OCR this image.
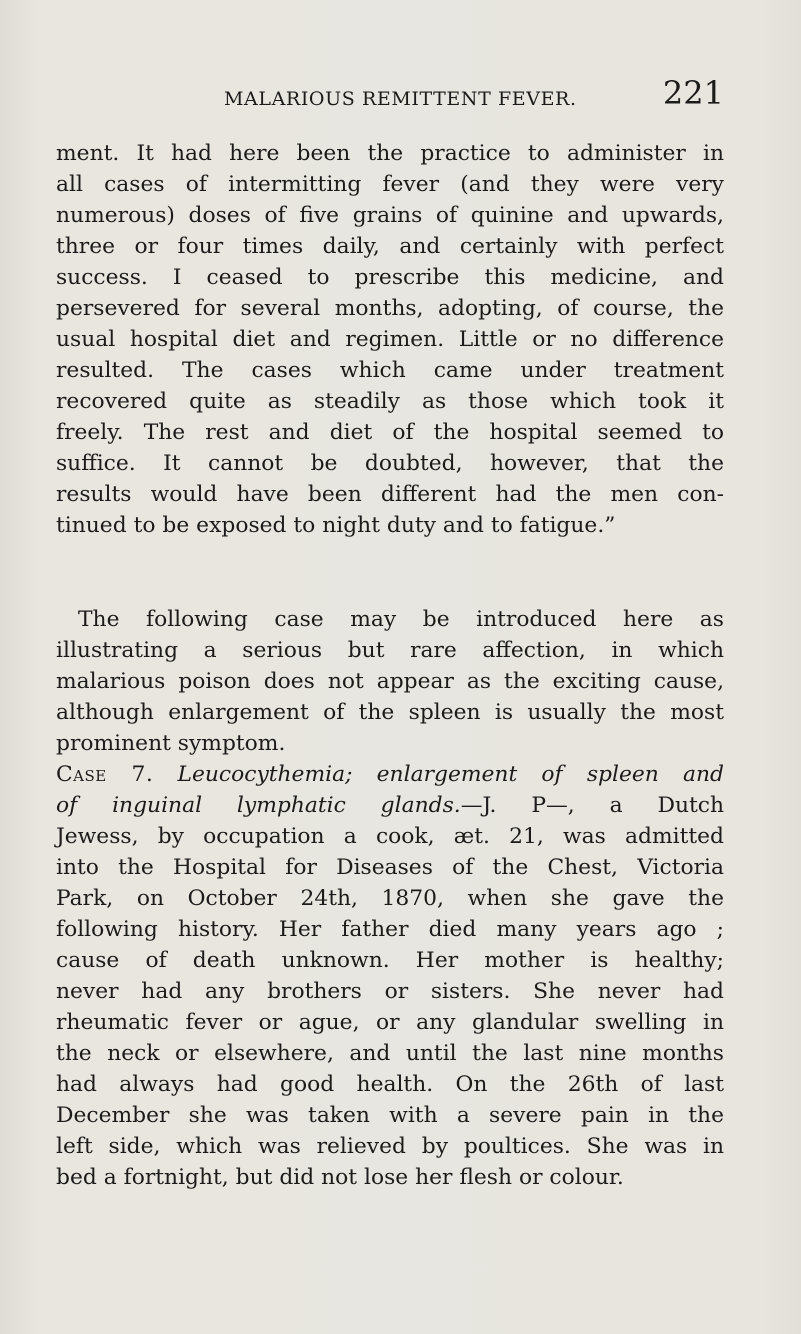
MALARIOUS REMITTENT FEVER.	221
ment. It had here been the practice to administer in
all cases of intermitting fever (and they were very
numerous) doses of five grains of quinine and upwards,
three or four times daily, and certainly with perfect
success. I ceased to prescribe this medicine, and
persevered for several months, adopting, of course, the
usual hospital diet and regimen. Little or no difference
resulted. The cases which came under treatment
recovered quite as steadily as those which took it
freely. The rest and diet of the hospital seemed to
suffice. It cannot be doubted, however, that the
results would have been different had the men con-
tinued to be exposed to night duty and to fatigue.”
The following case may be introduced here as
illustrating a serious but rare affection, in which
malarious poison does not appear as the exciting cause,
although enlargement of the spleen is usually the most
prominent symptom.
Case 7. Leucocythemia; enlargement of spleen and
of inguinal lymphatic glands.—J. P—, a Dutch
Jewess, by occupation a cook, æt. 21, was admitted
into the Hospital for Diseases of the Chest, Victoria
Park, on October 24th, 1870, when she gave the
following history. Her father died many years ago ;
cause of death unknown. Her mother is healthy;
never had any brothers or sisters. She never had
rheumatic fever or ague, or any glandular swelling in
the neck or elsewhere, and until the last nine months
had always had good health. On the 26th of last
December she was taken with a severe pain in the
left side, which was relieved by poultices. She was in
bed a fortnight, but did not lose her flesh or colour.
